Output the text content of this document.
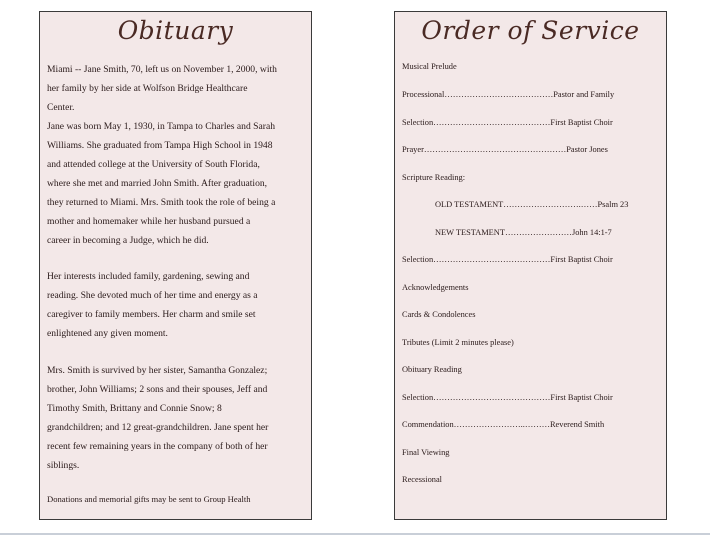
Obituary
Miami -- Jane Smith, 70, left us on November 1, 2000, with
her family by her side at Wolfson Bridge Healthcare
Center.
Jane was born May 1, 1930, in Tampa to Charles and Sarah
Williams. She graduated from Tampa High School in 1948
and attended college at the University of South Florida,
where she met and married John Smith. After graduation,
they returned to Miami. Mrs. Smith took the role of being a
mother and homemaker while her husband pursued a
career in becoming a Judge, which he did.
Her interests included family, gardening, sewing and
reading. She devoted much of her time and energy as a
caregiver to family members. Her charm and smile set
enlightened any given moment.
Mrs. Smith is survived by her sister, Samantha Gonzalez;
brother, John Williams; 2 sons and their spouses, Jeff and
Timothy Smith, Brittany and Connie Snow; 8
grandchildren; and 12 great-grandchildren. Jane spent her
recent few remaining years in the company of both of her
siblings.
Donations and memorial gifts may be sent to Group Health
Order of Service
Musical Prelude
Processional…………………………………Pastor and Family
Selection……………………………………First Baptist Choir
Prayer……………………………………………Pastor Jones
Scripture Reading:
OLD TESTAMENT……………………….……Psalm 23
NEW TESTAMENT……………………John 14:1-7
Selection……………………………………First Baptist Choir
Acknowledgements
Cards & Condolences
Tributes (Limit 2 minutes please)
Obituary Reading
Selection……………………………………First Baptist Choir
Commendation……………………..………Reverend Smith
Final Viewing
Recessional
